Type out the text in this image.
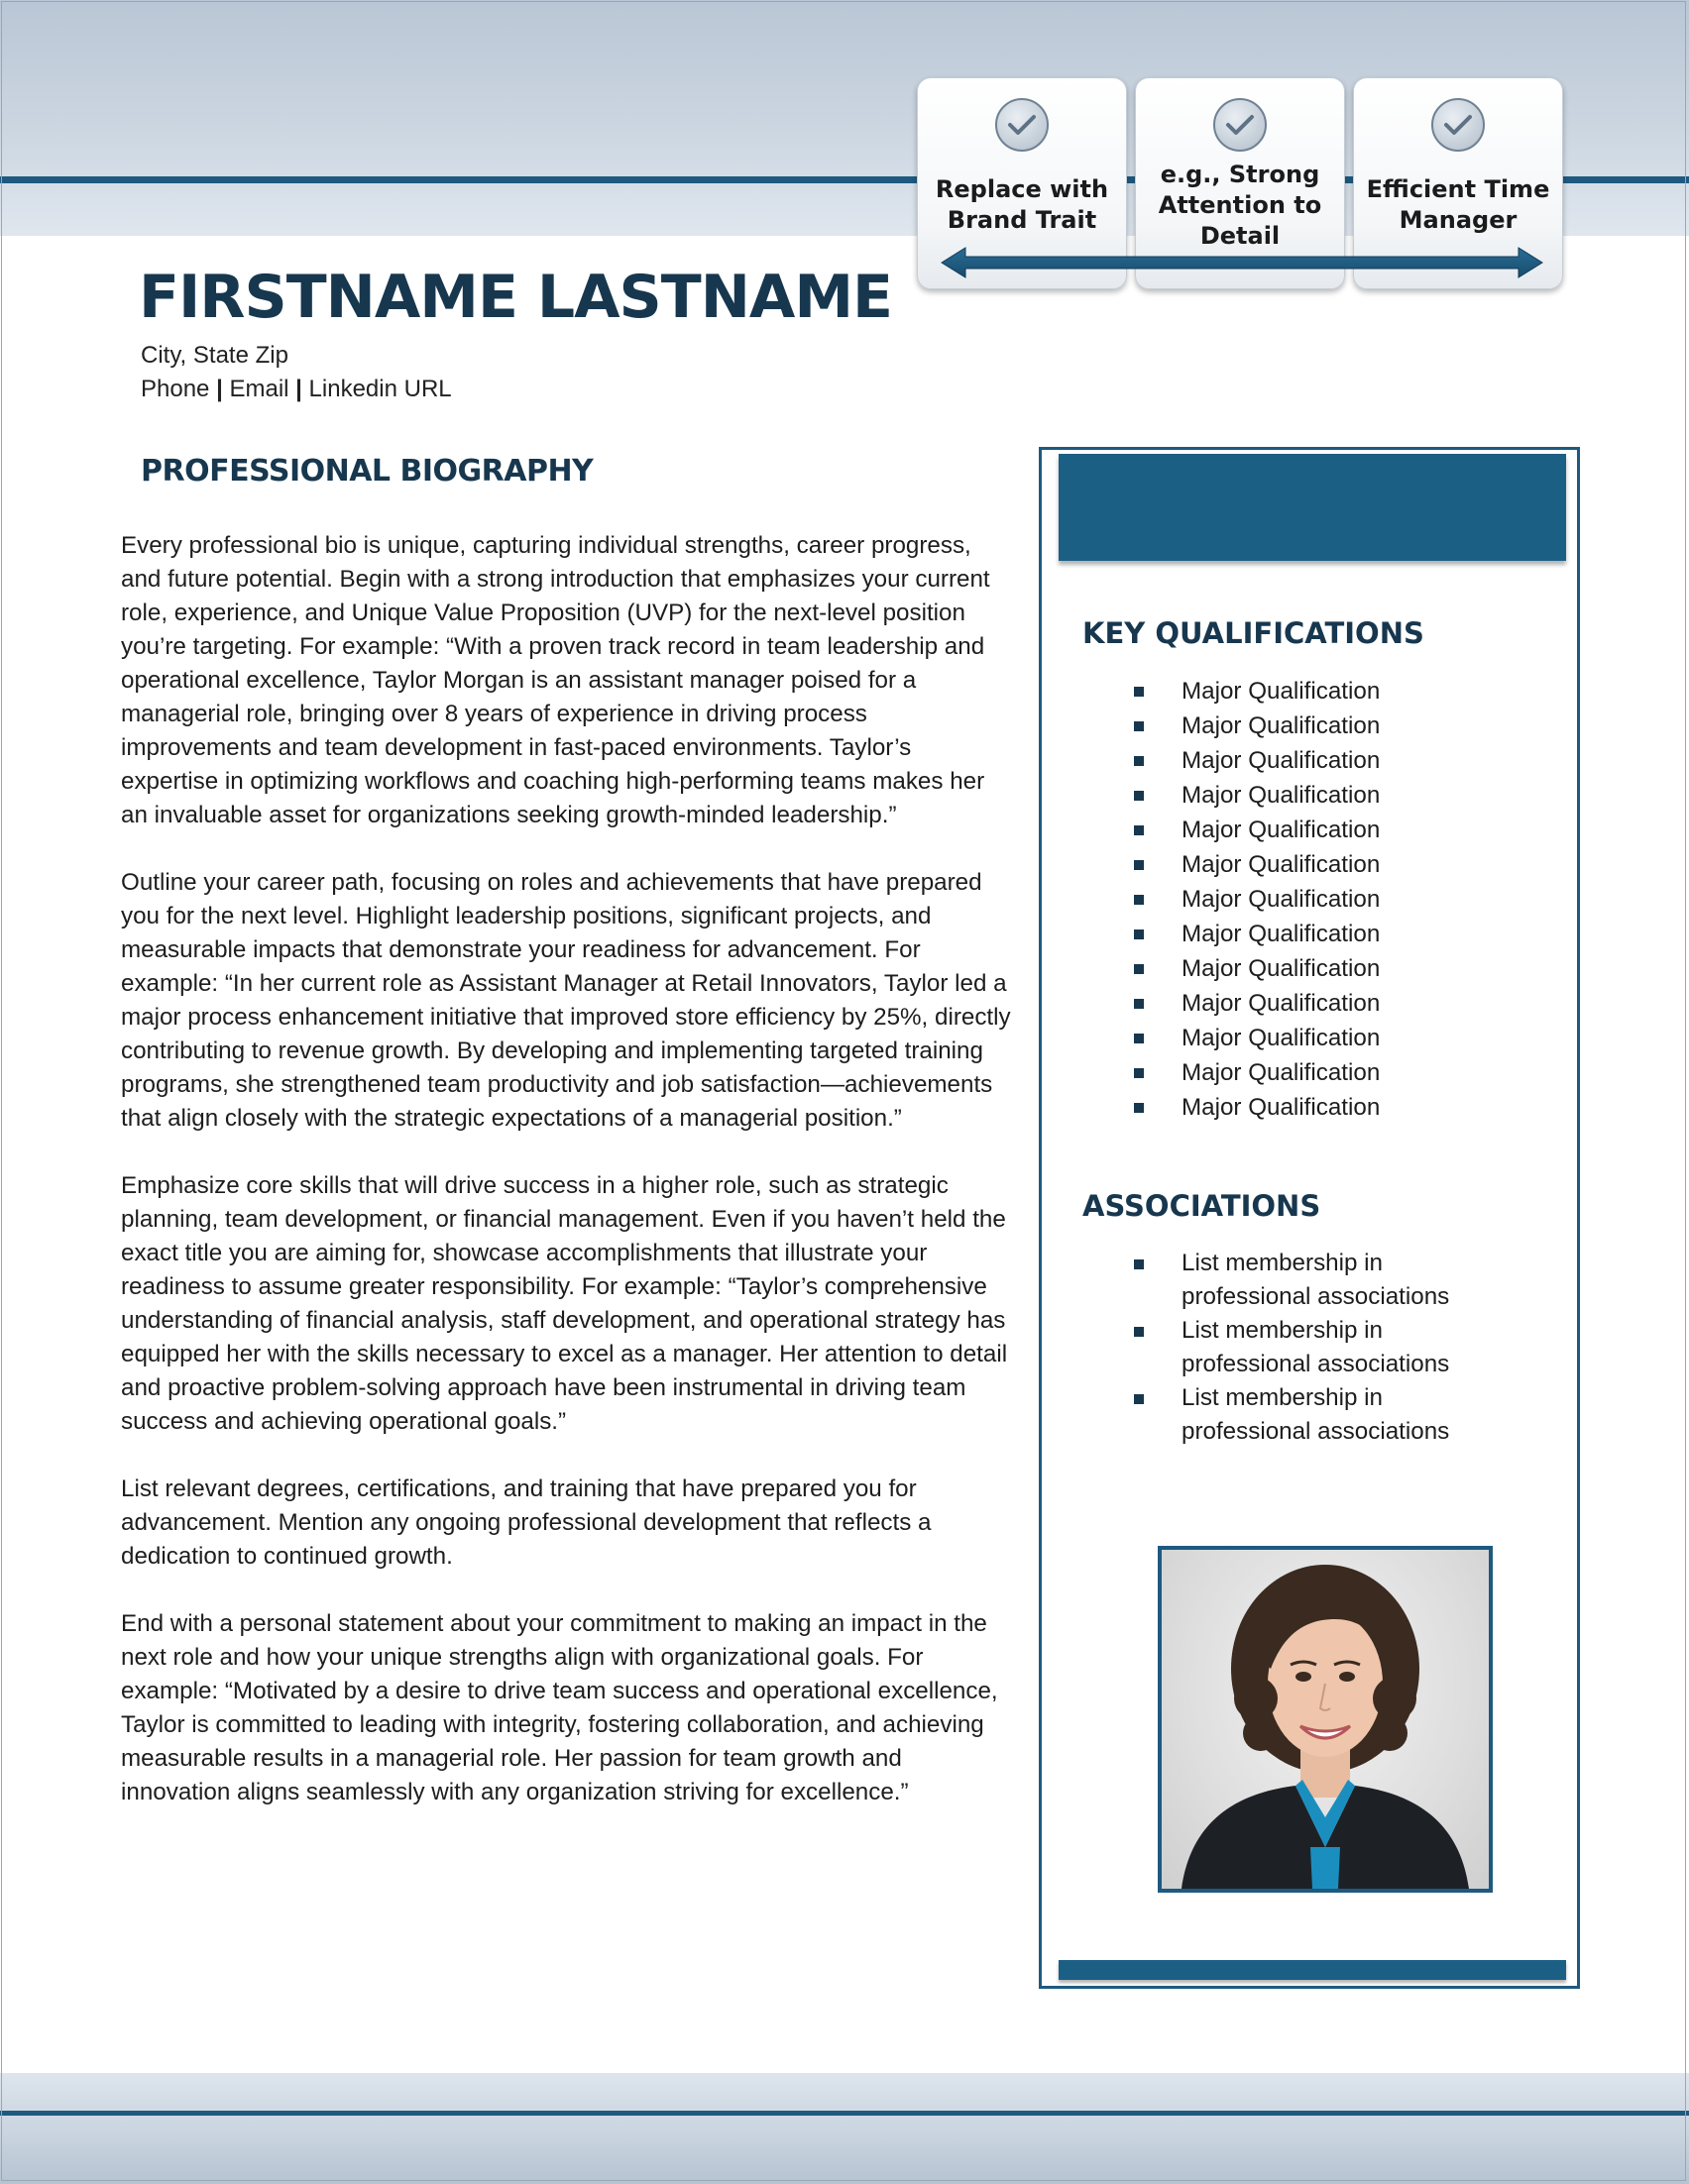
Replace with Brand Trait
e.g., Strong Attention to Detail
Efficient Time Manager
FIRSTNAME LASTNAME
City, State Zip
Phone | Email | Linkedin URL
PROFESSIONAL BIOGRAPHY

Every professional bio is unique, capturing individual strengths, career progress, and future potential. Begin with a strong introduction that emphasizes your current role, experience, and Unique Value Proposition (UVP) for the next-level position you’re targeting. For example: “With a proven track record in team leadership and operational excellence, Taylor Morgan is an assistant manager poised for a managerial role, bringing over 8 years of experience in driving process improvements and team development in fast-paced environments. Taylor’s expertise in optimizing workflows and coaching high-performing teams makes her an invaluable asset for organizations seeking growth-minded leadership.”

Outline your career path, focusing on roles and achievements that have prepared you for the next level. Highlight leadership positions, significant projects, and measurable impacts that demonstrate your readiness for advancement. For example: “In her current role as Assistant Manager at Retail Innovators, Taylor led a major process enhancement initiative that improved store efficiency by 25%, directly contributing to revenue growth. By developing and implementing targeted training programs, she strengthened team productivity and job satisfaction—achievements that align closely with the strategic expectations of a managerial position.”

Emphasize core skills that will drive success in a higher role, such as strategic planning, team development, or financial management. Even if you haven’t held the exact title you are aiming for, showcase accomplishments that illustrate your readiness to assume greater responsibility. For example: “Taylor’s comprehensive understanding of financial analysis, staff development, and operational strategy has equipped her with the skills necessary to excel as a manager. Her attention to detail and proactive problem-solving approach have been instrumental in driving team success and achieving operational goals.”

List relevant degrees, certifications, and training that have prepared you for advancement. Mention any ongoing professional development that reflects a dedication to continued growth.

End with a personal statement about your commitment to making an impact in the next role and how your unique strengths align with organizational goals. For example: “Motivated by a desire to drive team success and operational excellence, Taylor is committed to leading with integrity, fostering collaboration, and achieving measurable results in a managerial role. Her passion for team growth and innovation aligns seamlessly with any organization striving for excellence.”

KEY QUALIFICATIONS
Major Qualification
Major Qualification
Major Qualification
Major Qualification
Major Qualification
Major Qualification
Major Qualification
Major Qualification
Major Qualification
Major Qualification
Major Qualification
Major Qualification
Major Qualification
ASSOCIATIONS
List membership in professional associations
List membership in professional associations
List membership in professional associations
